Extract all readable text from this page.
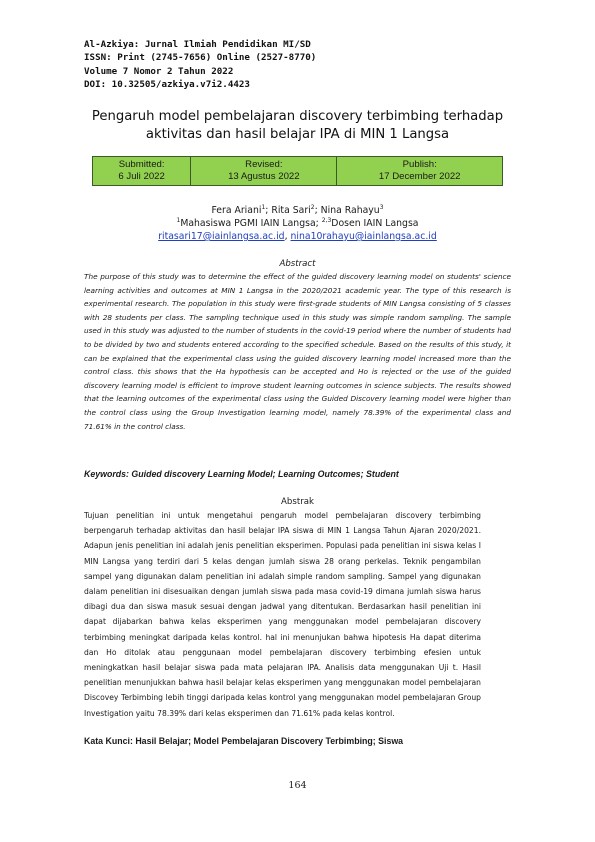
Al-Azkiya: Jurnal Ilmiah Pendidikan MI/SD
ISSN: Print (2745-7656) Online (2527-8770)
Volume 7 Nomor 2 Tahun 2022
DOI: 10.32505/azkiya.v7i2.4423
Pengaruh model pembelajaran discovery terbimbing terhadap
aktivitas dan hasil belajar IPA di MIN 1 Langsa
Submitted:
6 Juli 2022

Revised:
13 Agustus 2022

Publish:
17 December 2022
Fera Ariani$^1$; Rita Sari$^2$; Nina Rahayu$^3$
$^1$Mahasiswa PGMI IAIN Langsa; $^{2,3}$Dosen IAIN Langsa
ritasari17@iainlangsa.ac.id, nina10rahayu@iainlangsa.ac.id
Abstract
The purpose of this study was to determine the effect of the guided discovery learning model on students' science learning activities and outcomes at MIN 1 Langsa in the 2020/2021 academic year. The type of this research is experimental research. The population in this study were first-grade students of MIN Langsa consisting of 5 classes with 28 students per class. The sampling technique used in this study was simple random sampling. The sample used in this study was adjusted to the number of students in the covid-19 period where the number of students had to be divided by two and students entered according to the specified schedule. Based on the results of this study, it can be explained that the experimental class using the guided discovery learning model increased more than the control class. this shows that the Ha hypothesis can be accepted and Ho is rejected or the use of the guided discovery learning model is efficient to improve student learning outcomes in science subjects. The results showed that the learning outcomes of the experimental class using the Guided Discovery learning model were higher than the control class using the Group Investigation learning model, namely 78.39% of the experimental class and 71.61% in the control class.
Keywords: Guided discovery Learning Model; Learning Outcomes; Student
Abstrak
Tujuan penelitian ini untuk mengetahui pengaruh model pembelajaran discovery terbimbing berpengaruh terhadap aktivitas dan hasil belajar IPA siswa di MIN 1 Langsa Tahun Ajaran 2020/2021. Adapun jenis penelitian ini adalah jenis penelitian eksperimen. Populasi pada penelitian ini siswa kelas I MIN Langsa yang terdiri dari 5 kelas dengan jumlah siswa 28 orang perkelas. Teknik pengambilan sampel yang digunakan dalam penelitian ini adalah simple random sampling. Sampel yang digunakan dalam penelitian ini disesuaikan dengan jumlah siswa pada masa covid-19 dimana jumlah siswa harus dibagi dua dan siswa masuk sesuai dengan jadwal yang ditentukan. Berdasarkan hasil penelitian ini dapat dijabarkan bahwa kelas eksperimen yang menggunakan model pembelajaran discovery terbimbing meningkat daripada kelas kontrol. hal ini menunjukan bahwa hipotesis Ha dapat diterima dan Ho ditolak atau penggunaan model pembelajaran discovery terbimbing efesien untuk meningkatkan hasil belajar siswa pada mata pelajaran IPA. Analisis data menggunakan Uji t. Hasil penelitian menunjukkan bahwa hasil belajar kelas eksperimen yang menggunakan model pembelajaran Discovey Terbimbing lebih tinggi daripada kelas kontrol yang menggunakan model pembelajaran Group Investigation yaitu 78.39% dari kelas eksperimen dan 71.61% pada kelas kontrol.
Kata Kunci: Hasil Belajar; Model Pembelajaran Discovery Terbimbing; Siswa
164
